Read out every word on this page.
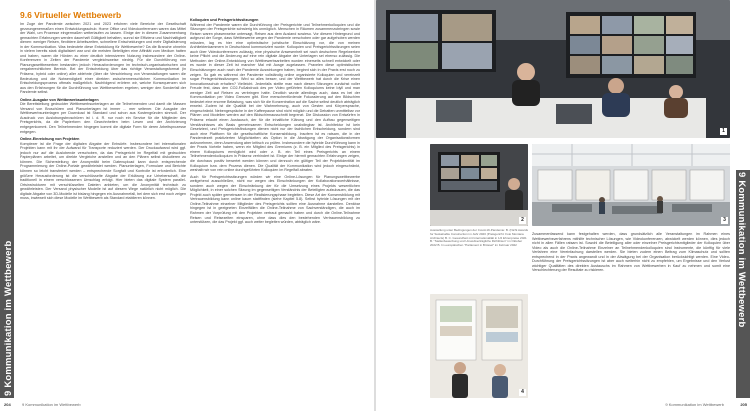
9.6 Virtueller Wettbewerb

Im Zuge der Pandemie zwischen 2021 und 2023 erfuhren viele Bereiche der Gesellschaft gezwungenermaßen einen Entwicklungsschub. Home Office und Videokonferenzen waren das Mittel der Wahl, um Prozesse eingermaßen weiterlaufen zu lassen. Einige der in diesem Zusammenhang gemachten Erfahrungen werden dauerhaft Gültigkeit behalten, sunnd sie Effizienz und Nachhaltigkeit dienen: weniger Reisen, flexiblere Arbeitszeiten, schnellere Entscheidungen und mehr Digitalisierung in der Kommunikation. Was bedeutete diese Entwicklung für Wettbewerbe? Da die Branche ohnehin in vielem bereits stark digitalisiert war und die meisten Beteiligten eine Affinität zum Medium hatten und haben, waren die Hürden zu einer deutlich intensiveren Nutzung insbesondere der Online-Konferenzen in Zeiten der Pandemie vergleichsweise niedrig. Für die Durchführung von Planungswettbewerben bestanden jedoch Herausforderungen im technisch-organisatorischen und vergaberechtlichen Bereich. Bei der Entscheidung über das richtige Veranstaltungsformat (in Präsenz, hybrid oder online) aller ablehnte (über die Verschiebung von Veranstaltungen waren die Bedeutung und die Notwendigkeit einer direkten zwischenmenschlichen Kommunikation im Entscheidungsprozess oftmals maßgeblich. Nachfolgend erörtern wir, welche Konsequenzen sich aus den Erfahrungen für die Durchführung von Wettbewerben ergeben, weniger den Sonderfall der Pandemie selbst.

Online-Ausgabe von Wettbewerbsunterlagen

Die Bereitstellung gedruckter Wettbewerbsunterlagen an die Teilnehmenden und damit die Massen Versand von Broschüren und Planunterlagen ist immer ... mer seltener. Die Ausgabe der Wettbewerbsunterlagen per Download ist Standard und schon aus Kostengründen sinnvoll. Der Ausdruck von Auslobungsbroschüren ist i. d. R. nur noch ein Service für die Mitglieder des Preisgerichts, da die Papierform den Gewohnheiten beim Lesen und der Archivierung entgegenkommt. Den Teilnehmenden hingegen kommt die digitale Form für deren Arbeitsprozesse entgegen.

Online-Einreichung von Projekten

Komplexer ist die Frage der digitalen Abgabe der Entwürfe. Insbesondere bei internationalen Projekten kann mit ihr der Aufwand für Transporte reduziert werden. Der Druckaufwand wird ggf. jedoch nur auf die Auslobende verschoben, da das Preisgericht im Regelfall mit gedruckten Papierplänen arbeitet, um direkte Vergleiche anstellen und an den Plänen selbst diskutieren zu können. Die Sicherstellung der Anonymität beim Datenupload kann durch entsprechende Programmierung der Online-Portale gewährleistet werden. Planunterlagen, Formulare und Berichte können so leicht transferiert werden – entsprechende Sorgfalt und Kontrolle ist erforderlich. Eine größere Herausforderung ist die verschlüsselte Abgabe der Erklärung zur Urheberschaft, die traditionell in einem verschlossenen Umschlag erfolgt. Hier bieten das digitale System parallel-Ortsinstrukturen mit verschlüsselten Dateien anbieten, um die Anonymität technisch zu gewährleisten. Der Versand physischer Modelle ist auf diesem Wege natürlich nicht möglich. Die digitale Abgabe von 3D-Modelle ist bislang hingegen ein Ausnahmefall, bei dem sich erst noch zeigen muss, inwieweit sich diese Modelle im Wettbewerb als Standard etablieren können.

Kolloquien und Preisgerichtssitzungen

Während der Pandemie waren die Durchführung der Preisgerichte und Teilnehmerkolloquien und die Sitzungen der Preisgerichte schwierig bis unmöglich. Menschen in Räumen zusammenzubringen sowie Reisen waren phasenweise untersagt, Reisen aus dem Ausland sowieso. Vor diesem Hintergrund und aufgrund der Sorge, dass Wettbewerbe wegen der Pandemie verschoben oder gar aufgehoben werden müssten, lag es hier eine optimistische juristische Einschätzung vor, die von meinen Architektenkammern in Deutschland kommuniziert wurde: Kolloquien und Preisgerichtssitzungen seien auch über Videokonferenzen zulässig, eine physische Anwesenheit sei nach deutschem Regelwerken keine Pflicht und die Änderung auf eine rein digitale Abgabe der Unterlagen sei ebenso zulässig. Die Methoden der Online-Entwicklung von Wettbewerbsarbeiten wurden einerseits schnell entwickelt oder es wurde in dieser Zeit ist mancher Mal mit Ausge zugelassen. Praxelen diese optimistischen Einschätzungen auch nach der Pandemie Auswirkungen haben, beginnt sich in der Praxis erst noch zu zeigen. So gab es während der Pandemie vollständig online organisierte Kolloquien und vereinzelt sogar Preisgerichtssitzungen. Wird so alles besser, und der Wettbewerb hat durch die Krise einen Innovationsschub erhalten? Vielleicht. Jedenfalls stellte man nach diesen Sitzungen zunächst voller Freude fest, dass den CO2-Fußabdruck des per Video geführten Kolloquiums keine Idyll und man weniger Zeit auf Reisen zu verbringen hatte. Deutlich wurde allerdings auch, dass es bei der Kommunikation per Video Grenzen gibt. Eine menschenfürdende Fokussierung auf den Bildschirm bedeutet eine enorme Belastung, was sich für die Konzentration auf die Sache selbst deutlich abträglich erweist. Zudem ist die Qualität bei der Wahrnehmung, auch von Gesten und Körpersprache, eingeschränkt. Nebengespräche in der Kaffeepause sind nicht möglich und die Debatten unmittelbar vor Plänen und Modellen werden auf den Bildschirmausschnitt begrenzt. Die Diskussion von Entwürfen in Präsenz erlaubt einen Austausch, der für die inhaltliche Klärung und den Aufbau gegenseitigen Verständnisses als Basis gemeinsamen Entscheidungen unabdingbar ist. Architektur ist kein Gesetztext, und Preisgerichtsfindungen dienen nicht nur der fachlichen Entscheidung, sondern sind auch eine Plattform für die gesellschaftliche Konsensbildung. Insofern ist es ratsam, die in der Pandemiezeit praktizierten Möglichkeiten als Option in die Abwägung der Organisationsformen aufzunehmen, denn Anwendung aber kritisch zu prüfen. Insbesondere die hybride Durchführung kann in der Praxis Vorteile haben, wenn ein Mitglied des Gremiums (z. B. ein Mitglied des Preisgerichts) in einem Kolloquiums ermöglicht wird oder z. B. ein Teil eines Preisgerichts an einem Teilnehmendenkolloquium in Präsenz verhindert ist. Einige der hiermit gemachten Erfahrungen zeigen, die durchaus positiv bewertet werden können und dennoch ein gültiger Teil der Projektidentität im Kolloquium bzw. dem Prozess dienen. Die Qualität der Kommunikation wird jedoch eingeschränkt, weshalb wir von rein online durchgeführten Kolloquien im Regelfall abraten.

Auch für Preisgerichtssitzungen würden wir eine Online-Lösungen für Planungswettbewerbe weitgehend ausschließen, nicht nur wegen des Einschränkungen der Kollaborationsverhältnisse, sondern auch wegen der Einschränkung der für die Umsetzung eines Projekts wesentlichen Möglichkeit, in einer solchen Sitzung im gegenseitigen Verständnis der Beteiligten aufzubauen, die das Projekt auch später gemeinsam in der Realisierungsphase begleiten. Diese Art der Konsensbildung mit Vertrauensbildung kann online kaum stattfinden (siehe Kapitel 5.8). Selbst hybride Lösungen mit der Online-Teilnahme einzelner Mitglieder des Preisgerichts sollten eine Ausnahme darstellen. Denkbar hingegen ist in geeigneten Einzelfällen die Online-Teilnahme von Sachverständigen, die auch im Rahmen der Vorprüfung mit den Projekten vertraut gemacht haben und durch die Online-Teilnahme Reisen und Reisezeiten einsparen, ohne dass dies den bestehenden Vertrauensbildung zu unterstützen, die das Projekt ggf. auch weiter begleiten würden, abträglich wäre.

9 Kommunikation im Wettbewerb
204	9 Kommunikation im Wettbewerb
1
2	3
Ausstellung unter Bedingungen der Covid-19-Pandemie: B. (Nicht Awards for Sustainable Construction im Jahr 2020 (Preisgericht: Foto Montana Architects) B. C. Gesundheit mit Internationalität in 1/2 Ehrenpreise 2021 B. "Stellenbewerbung und Umweltverträgliche Richtlinien" im Oktober 2022 B. Im europäischen "Parlament in Brüssel" im Februar 2022

Zusammenfassend kann festgehalten werden, dass grundsätzlich alle Veranstaltungen im Rahmen eines Wettbewerbsverfahrens mithilfe technischer Lösungen, wie Videokonferenzen, abwickelt werden können, dies jedoch nicht in allen Fällen ratsam ist. Sowohl die Beteiligung aller oder einzelner Preisgerichtsmitglieder der Kolloquien über Video als auch die Online-Teilnahme Einzelner an Teilnehmendenkolloquien sind Instrumente, die künftig für viele Verfahren eine Vereinfachung darstellen werden. Sie bieten zudem einen Beitrag zum Klimaschutz und sollten entsprechend in der Praxis angewandt und in der Abwägung bei der Organisation berücksichtigt werden. Eine Video-Durchführung der Preisgerichtssitzungen ist aber auch weiterhin nicht zu empfehlen, um Ergebnisse und den Verlust wichtiger Qualitäten des direkten Austauschs im Rahmen von Wettbewerben in Kauf zu nehmen und somit eine Verschlechterung der Resultate zu riskieren.

4
9 Kommunikation im Wettbewerb
9 Kommunikation im Wettbewerb	205
